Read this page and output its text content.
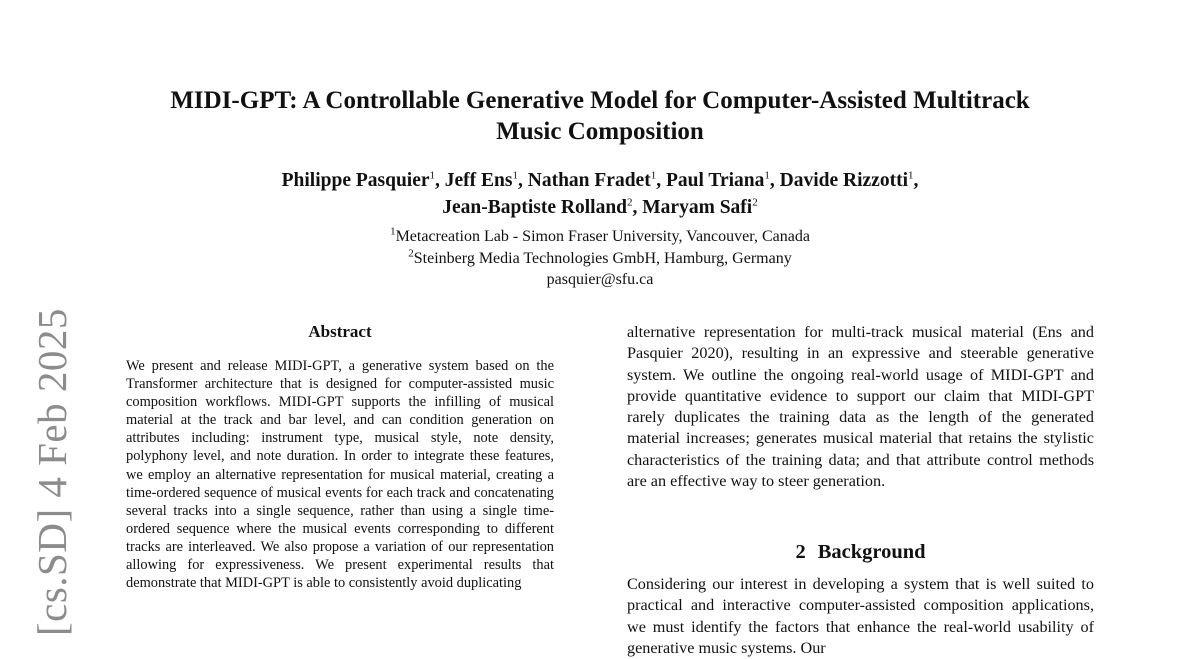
[cs.SD] 4 Feb 2025
MIDI-GPT: A Controllable Generative Model for Computer-Assisted Multitrack
Music Composition
Philippe Pasquier$^1$, Jeff Ens$^1$, Nathan Fradet$^1$, Paul Triana$^1$, Davide Rizzotti$^1$,
Jean-Baptiste Rolland$^2$, Maryam Safi$^2$
$^1$Metacreation Lab - Simon Fraser University, Vancouver, Canada
$^2$Steinberg Media Technologies GmbH, Hamburg, Germany
pasquier@sfu.ca
Abstract

We present and release MIDI-GPT, a generative system based on the Transformer architecture that is designed for computer-assisted music composition workflows. MIDI-GPT supports the infilling of musical material at the track and bar level, and can condition generation on attributes including: instrument type, musical style, note density, polyphony level, and note duration. In order to integrate these features, we employ an alternative representation for musical material, creating a time-ordered sequence of musical events for each track and concatenating several tracks into a single sequence, rather than using a single time-ordered sequence where the musical events corresponding to different tracks are interleaved. We also propose a variation of our representation allowing for expressiveness. We present experimental results that demonstrate that MIDI-GPT is able to consistently avoid duplicating

alternative representation for multi-track musical material (Ens and Pasquier 2020), resulting in an expressive and steerable generative system. We outline the ongoing real-world usage of MIDI-GPT and provide quantitative evidence to support our claim that MIDI-GPT rarely duplicates the training data as the length of the generated material increases; generates musical material that retains the stylistic characteristics of the training data; and that attribute control methods are an effective way to steer generation.

2 Background

Considering our interest in developing a system that is well suited to practical and interactive computer-assisted composition applications, we must identify the factors that enhance the real-world usability of generative music systems. Our
